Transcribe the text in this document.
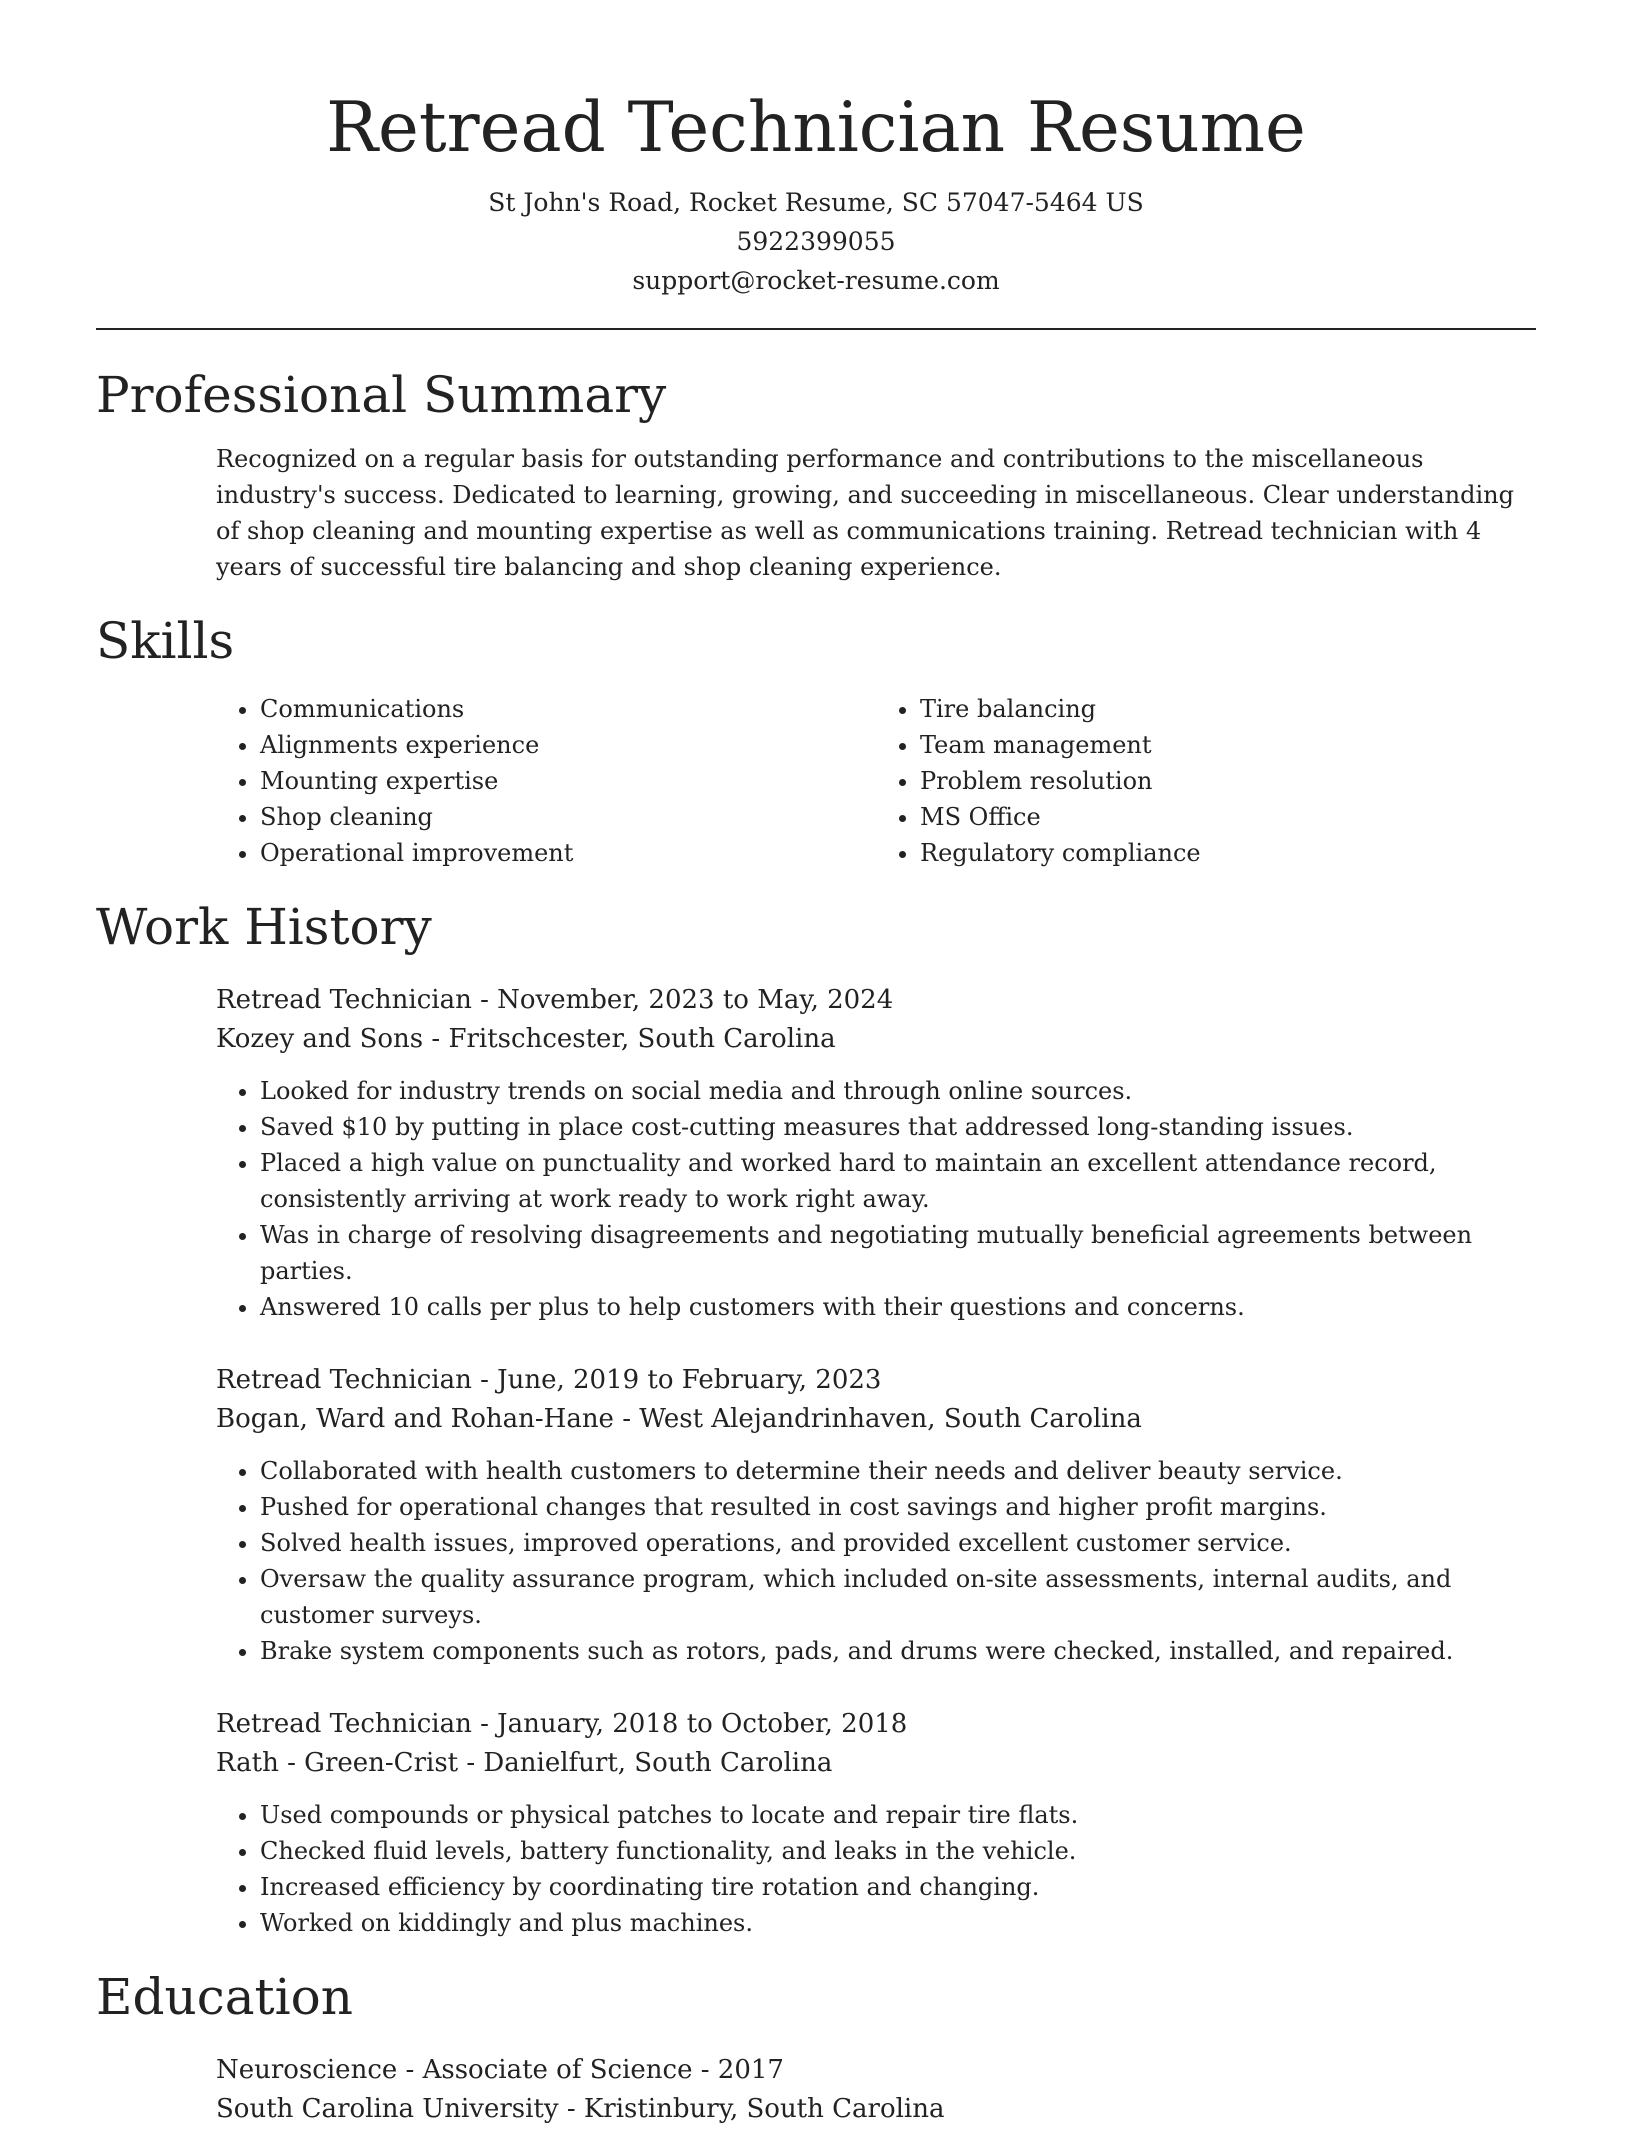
Retread Technician Resume
St John's Road, Rocket Resume, SC 57047-5464 US
5922399055
support@rocket-resume.com
Professional Summary
Recognized on a regular basis for outstanding performance and contributions to the miscellaneous industry's success. Dedicated to learning, growing, and succeeding in miscellaneous. Clear understanding of shop cleaning and mounting expertise as well as communications training. Retread technician with 4 years of successful tire balancing and shop cleaning experience.
Skills
• Communications
• Alignments experience
• Mounting expertise
• Shop cleaning
• Operational improvement
• Tire balancing
• Team management
• Problem resolution
• MS Office
• Regulatory compliance
Work History
Retread Technician - November, 2023 to May, 2024
Kozey and Sons - Fritschcester, South Carolina
• Looked for industry trends on social media and through online sources.
• Saved $10 by putting in place cost-cutting measures that addressed long-standing issues.
• Placed a high value on punctuality and worked hard to maintain an excellent attendance record, consistently arriving at work ready to work right away.
• Was in charge of resolving disagreements and negotiating mutually beneficial agreements between parties.
• Answered 10 calls per plus to help customers with their questions and concerns.
Retread Technician - June, 2019 to February, 2023
Bogan, Ward and Rohan-Hane - West Alejandrinhaven, South Carolina
• Collaborated with health customers to determine their needs and deliver beauty service.
• Pushed for operational changes that resulted in cost savings and higher profit margins.
• Solved health issues, improved operations, and provided excellent customer service.
• Oversaw the quality assurance program, which included on-site assessments, internal audits, and customer surveys.
• Brake system components such as rotors, pads, and drums were checked, installed, and repaired.
Retread Technician - January, 2018 to October, 2018
Rath - Green-Crist - Danielfurt, South Carolina
• Used compounds or physical patches to locate and repair tire flats.
• Checked fluid levels, battery functionality, and leaks in the vehicle.
• Increased efficiency by coordinating tire rotation and changing.
• Worked on kiddingly and plus machines.
Education
Neuroscience - Associate of Science - 2017
South Carolina University - Kristinbury, South Carolina
